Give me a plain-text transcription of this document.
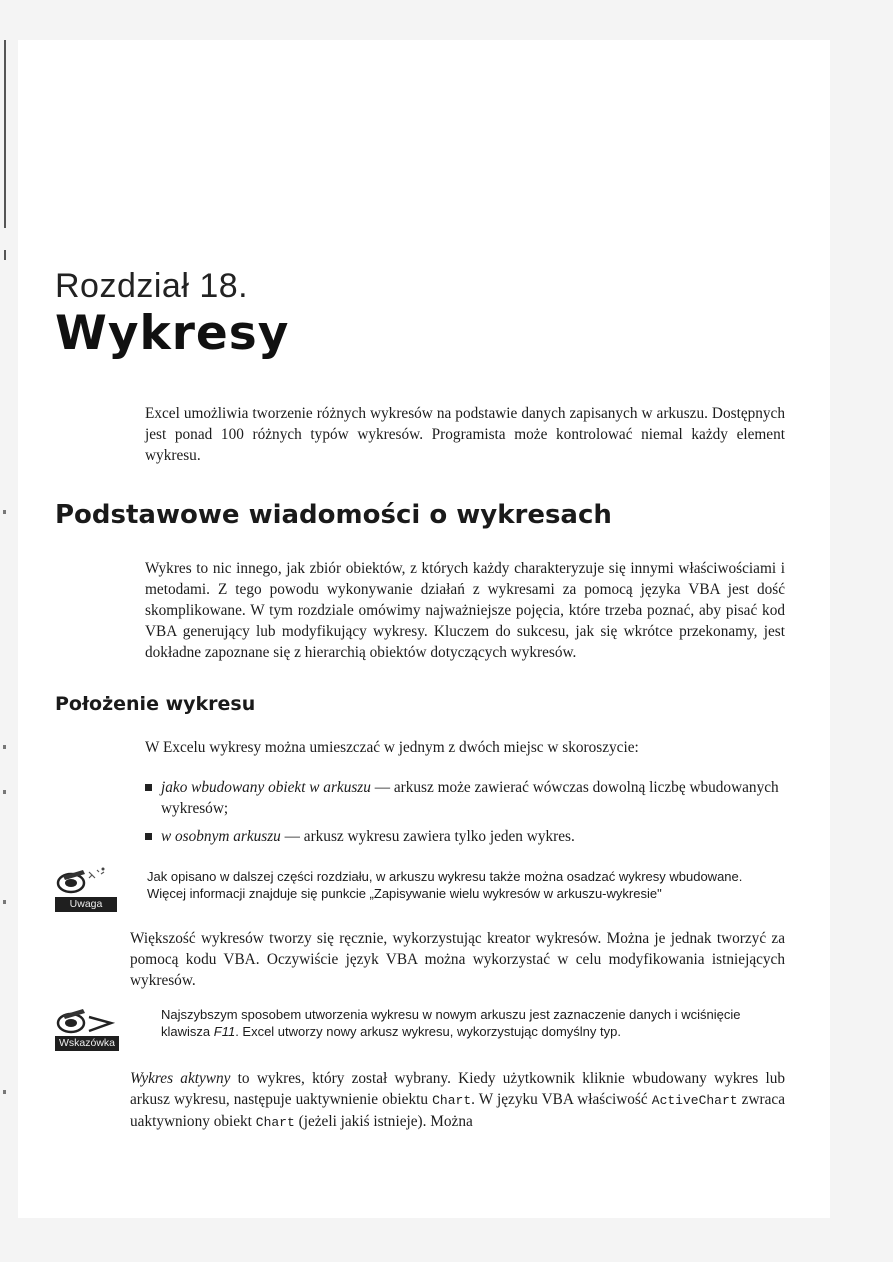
Rozdział 18.
Wykresy
Excel umożliwia tworzenie różnych wykresów na podstawie danych zapisanych w arkuszu. Dostępnych jest ponad 100 różnych typów wykresów. Programista może kontrolować niemal każdy element wykresu.
Podstawowe wiadomości o wykresach
Wykres to nic innego, jak zbiór obiektów, z których każdy charakteryzuje się innymi właściwościami i metodami. Z tego powodu wykonywanie działań z wykresami za pomocą języka VBA jest dość skomplikowane. W tym rozdziale omówimy najważniejsze pojęcia, które trzeba poznać, aby pisać kod VBA generujący lub modyfikujący wykresy. Kluczem do sukcesu, jak się wkrótce przekonamy, jest dokładne zapoznane się z hierarchią obiektów dotyczących wykresów.
Położenie wykresu
W Excelu wykresy można umieszczać w jednym z dwóch miejsc w skoroszycie:
jako wbudowany obiekt w arkuszu — arkusz może zawierać wówczas dowolną liczbę wbudowanych wykresów;
w osobnym arkuszu — arkusz wykresu zawiera tylko jeden wykres.
Uwaga
Jak opisano w dalszej części rozdziału, w arkuszu wykresu także można osadzać wykresy wbudowane. Więcej informacji znajduje się punkcie „Zapisywanie wielu wykresów w arkuszu-wykresie"
Większość wykresów tworzy się ręcznie, wykorzystując kreator wykresów. Można je jednak tworzyć za pomocą kodu VBA. Oczywiście język VBA można wykorzystać w celu modyfikowania istniejących wykresów.
Wskazówka
Najszybszym sposobem utworzenia wykresu w nowym arkuszu jest zaznaczenie danych i wciśnięcie klawisza F11. Excel utworzy nowy arkusz wykresu, wykorzystując domyślny typ.
Wykres aktywny to wykres, który został wybrany. Kiedy użytkownik kliknie wbudowany wykres lub arkusz wykresu, następuje uaktywnienie obiektu Chart. W języku VBA właściwość ActiveChart zwraca uaktywniony obiekt Chart (jeżeli jakiś istnieje). Można
